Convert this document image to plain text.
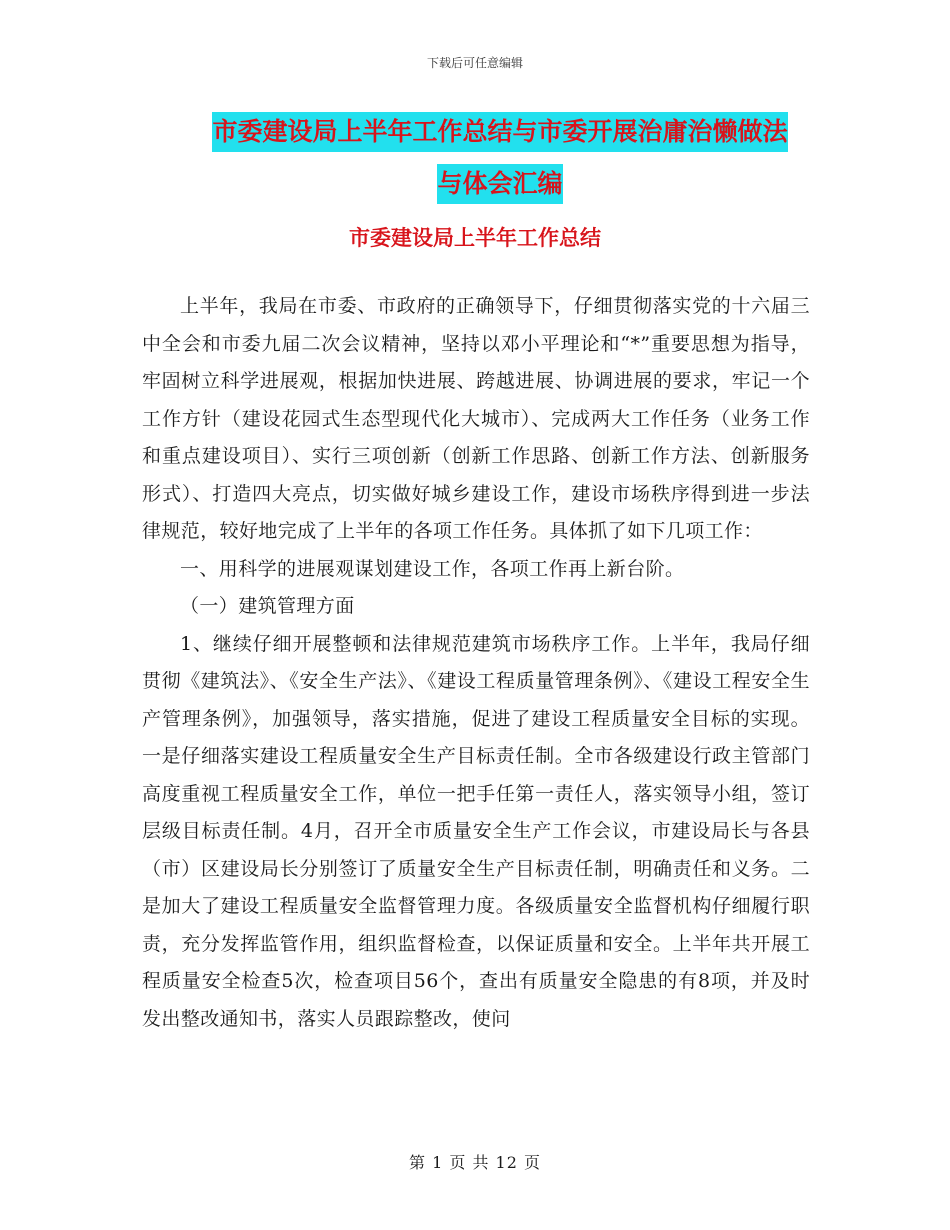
下载后可任意编辑
市委建设局上半年工作总结与市委开展治庸治懒做法
与体会汇编
市委建设局上半年工作总结

上半年，我局在市委、市政府的正确领导下，仔细贯彻落实党的十六届三中全会和市委九届二次会议精神，坚持以邓小平理论和“*”重要思想为指导，牢固树立科学进展观，根据加快进展、跨越进展、协调进展的要求，牢记一个工作方针（建设花园式生态型现代化大城市）、完成两大工作任务（业务工作和重点建设项目）、实行三项创新（创新工作思路、创新工作方法、创新服务形式）、打造四大亮点，切实做好城乡建设工作，建设市场秩序得到进一步法律规范，较好地完成了上半年的各项工作任务。具体抓了如下几项工作：

一、用科学的进展观谋划建设工作，各项工作再上新台阶。

（一）建筑管理方面

1、继续仔细开展整顿和法律规范建筑市场秩序工作。上半年，我局仔细贯彻《建筑法》、《安全生产法》、《建设工程质量管理条例》、《建设工程安全生产管理条例》，加强领导，落实措施，促进了建设工程质量安全目标的实现。一是仔细落实建设工程质量安全生产目标责任制。全市各级建设行政主管部门高度重视工程质量安全工作，单位一把手任第一责任人，落实领导小组，签订层级目标责任制。4月，召开全市质量安全生产工作会议，市建设局长与各县（市）区建设局长分别签订了质量安全生产目标责任制，明确责任和义务。二是加大了建设工程质量安全监督管理力度。各级质量安全监督机构仔细履行职责，充分发挥监管作用，组织监督检查，以保证质量和安全。上半年共开展工程质量安全检查5次，检查项目56个，查出有质量安全隐患的有8项，并及时发出整改通知书，落实人员跟踪整改，使问

第 1 页 共 12 页
